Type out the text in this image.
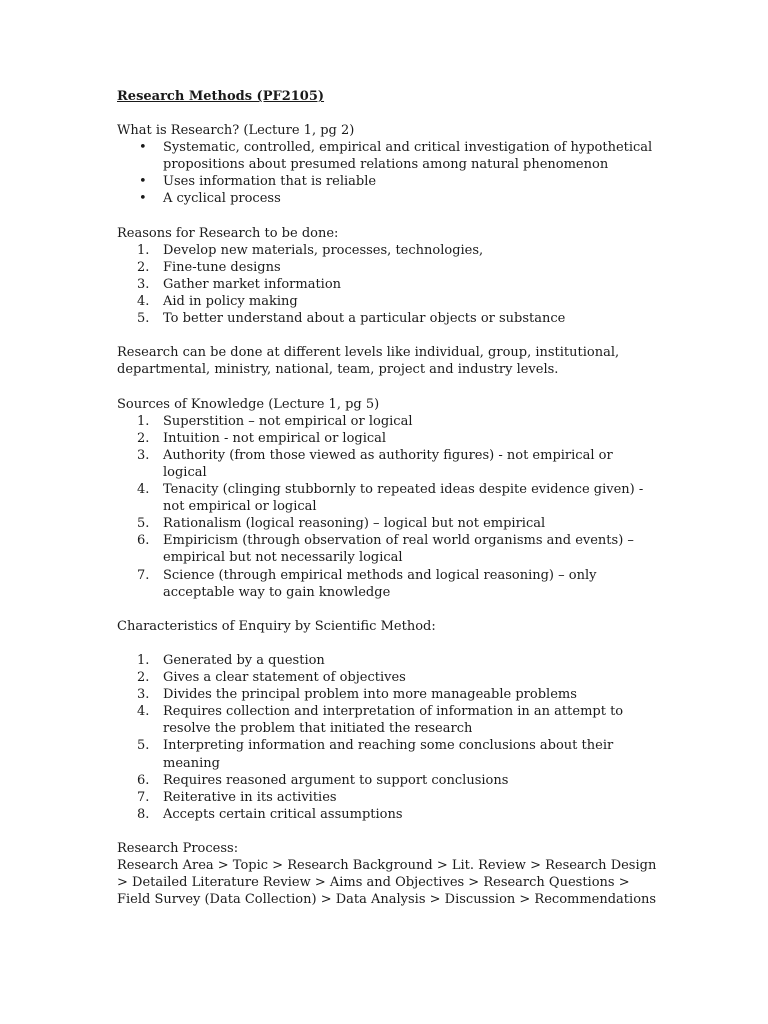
Research Methods (PF2105)

What is Research? (Lecture 1, pg 2)

•	Systematic, controlled, empirical and critical investigation of hypothetical propositions about presumed relations among natural phenomenon
•	Uses information that is reliable
•	A cyclical process

Reasons for Research to be done:

1.	Develop new materials, processes, technologies,
2.	Fine-tune designs
3.	Gather market information
4.	Aid in policy making
5.	To better understand about a particular objects or substance

Research can be done at different levels like individual, group, institutional, departmental, ministry, national, team, project and industry levels.

Sources of Knowledge (Lecture 1, pg 5)

1.	Superstition – not empirical or logical
2.	Intuition - not empirical or logical
3.	Authority (from those viewed as authority figures) - not empirical or logical
4.	Tenacity (clinging stubbornly to repeated ideas despite evidence given) - not empirical or logical
5.	Rationalism (logical reasoning) – logical but not empirical
6.	Empiricism (through observation of real world organisms and events) – empirical but not necessarily logical
7.	Science (through empirical methods and logical reasoning) – only acceptable way to gain knowledge

Characteristics of Enquiry by Scientific Method:

1.	Generated by a question
2.	Gives a clear statement of objectives
3.	Divides the principal problem into more manageable problems
4.	Requires collection and interpretation of information in an attempt to resolve the problem that initiated the research
5.	Interpreting information and reaching some conclusions about their meaning
6.	Requires reasoned argument to support conclusions
7.	Reiterative in its activities
8.	Accepts certain critical assumptions

Research Process:

Research Area > Topic > Research Background > Lit. Review > Research Design > Detailed Literature Review > Aims and Objectives > Research Questions > Field Survey (Data Collection) > Data Analysis > Discussion > Recommendations
